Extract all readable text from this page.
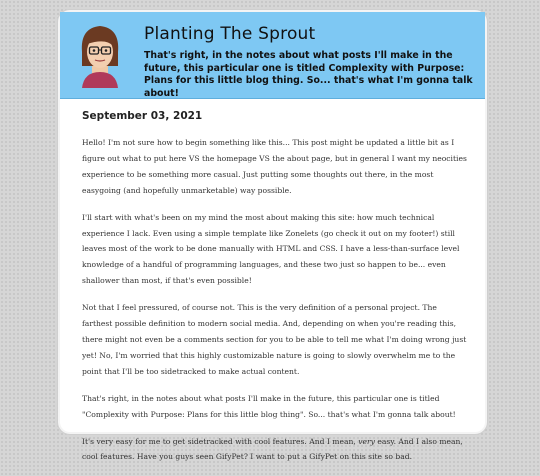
Planting The Sprout
That's right, in the notes about what posts I'll make in the future, this particular one is titled Complexity with Purpose: Plans for this little blog thing. So... that's what I'm gonna talk about!
September 03, 2021

Hello! I'm not sure how to begin something like this... This post might be updated a little bit as I figure out what to put here VS the homepage VS the about page, but in general I want my neocities experience to be something more casual. Just putting some thoughts out there, in the most easygoing (and hopefully unmarketable) way possible.

I'll start with what's been on my mind the most about making this site: how much technical experience I lack. Even using a simple template like Zonelets (go check it out on my footer!) still leaves most of the work to be done manually with HTML and CSS. I have a less-than-surface level knowledge of a handful of programming languages, and these two just so happen to be... even shallower than most, if that's even possible!

Not that I feel pressured, of course not. This is the very definition of a personal project. The farthest possible definition to modern social media. And, depending on when you're reading this, there might not even be a comments section for you to be able to tell me what I'm doing wrong just yet! No, I'm worried that this highly customizable nature is going to slowly overwhelm me to the point that I'll be too sidetracked to make actual content.

That's right, in the notes about what posts I'll make in the future, this particular one is titled "Complexity with Purpose: Plans for this little blog thing". So... that's what I'm gonna talk about!

It's very easy for me to get sidetracked with cool features. And I mean, very easy. And I also mean, cool features. Have you guys seen GifyPet? I want to put a GifyPet on this site so bad.
